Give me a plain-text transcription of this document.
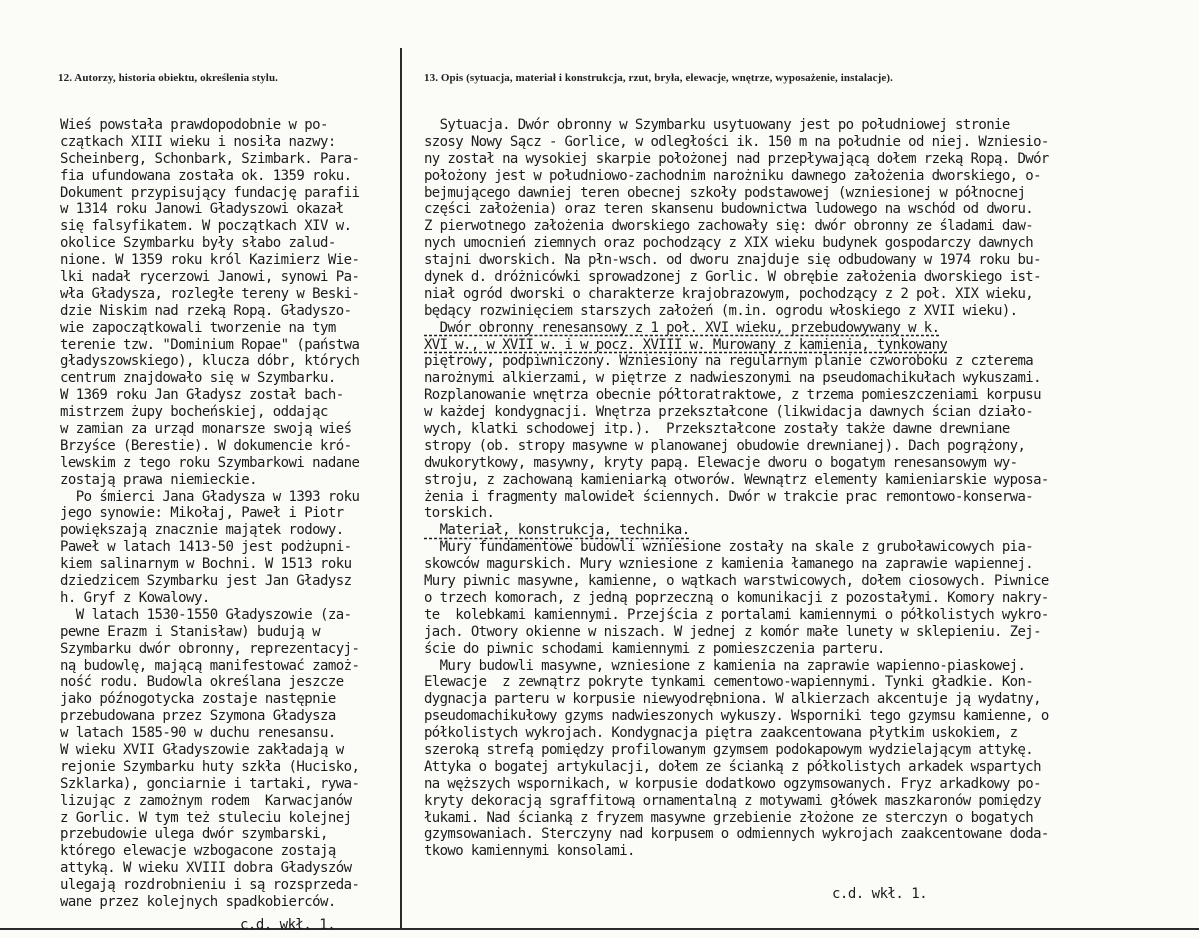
12. Autorzy, historia obiektu, określenia stylu.	13. Opis (sytuacja, materiał i konstrukcja, rzut, bryła, elewacje, wnętrze, wyposażenie, instalacje).
Wieś powstała prawdopodobnie w po-
czątkach XIII wieku i nosiła nazwy:
Scheinberg, Schonbark, Szimbark. Para-
fia ufundowana została ok. 1359 roku.
Dokument przypisujący fundację parafii
w 1314 roku Janowi Gładyszowi okazał
się falsyfikatem. W początkach XIV w.
okolice Szymbarku były słabo zalud-
nione. W 1359 roku król Kazimierz Wie-
lki nadał rycerzowi Janowi, synowi Pa-
wła Gładysza, rozległe tereny w Beski-
dzie Niskim nad rzeką Ropą. Gładyszo-
wie zapoczątkowali tworzenie na tym
terenie tzw. "Dominium Ropae" (państwa
gładyszowskiego), klucza dóbr, których
centrum znajdowało się w Szymbarku.
W 1369 roku Jan Gładysz został bach-
mistrzem żupy bocheńskiej, oddając
w zamian za urząd monarsze swoją wieś
Brzyśce (Berestie). W dokumencie kró-
lewskim z tego roku Szymbarkowi nadane
zostają prawa niemieckie.
Po śmierci Jana Gładysza w 1393 roku
jego synowie: Mikołaj, Paweł i Piotr
powiększają znacznie majątek rodowy.
Paweł w latach 1413-50 jest podżupni-
kiem salinarnym w Bochni. W 1513 roku
dziedzicem Szymbarku jest Jan Gładysz
h. Gryf z Kowalowy.
W latach 1530-1550 Gładyszowie (za-
pewne Erazm i Stanisław) budują w
Szymbarku dwór obronny, reprezentacyj-
ną budowlę, mającą manifestować zamoż-
ność rodu. Budowla określana jeszcze
jako późnogotycka zostaje następnie
przebudowana przez Szymona Gładysza
w latach 1585-90 w duchu renesansu.
W wieku XVII Gładyszowie zakładają w
rejonie Szymbarku huty szkła (Hucisko,
Szklarka), gonciarnie i tartaki, rywa-
lizując z zamożnym rodem  Karwacjanów
z Gorlic. W tym też stuleciu kolejnej
przebudowie ulega dwór szymbarski,
którego elewacje wzbogacone zostają
attyką. W wieku XVIII dobra Gładyszów
ulegają rozdrobnieniu i są rozsprzeda-
wane przez kolejnych spadkobierców.
Sytuacja. Dwór obronny w Szymbarku usytuowany jest po południowej stronie
szosy Nowy Sącz - Gorlice, w odległości ik. 150 m na południe od niej. Wzniesio-
ny został na wysokiej skarpie położonej nad przepływającą dołem rzeką Ropą. Dwór
położony jest w południowo-zachodnim narożniku dawnego założenia dworskiego, o-
bejmującego dawniej teren obecnej szkoły podstawowej (wzniesionej w północnej
części założenia) oraz teren skansenu budownictwa ludowego na wschód od dworu.
Z pierwotnego założenia dworskiego zachowały się: dwór obronny ze śladami daw-
nych umocnień ziemnych oraz pochodzący z XIX wieku budynek gospodarczy dawnych
stajni dworskich. Na płn-wsch. od dworu znajduje się odbudowany w 1974 roku bu-
dynek d. dróżnicówki sprowadzonej z Gorlic. W obrębie założenia dworskiego ist-
niał ogród dworski o charakterze krajobrazowym, pochodzący z 2 poł. XIX wieku,
będący rozwinięciem starszych założeń (m.in. ogrodu włoskiego z XVII wieku).
Dwór obronny renesansowy z 1 poł. XVI wieku, przebudowywany w k.
XVI w., w XVII w. i w pocz. XVIII w. Murowany z kamienia, tynkowany
piętrowy, podpiwniczony. Wzniesiony na regularnym planie czworoboku z czterema
narożnymi alkierzami, w piętrze z nadwieszonymi na pseudomachikułach wykuszami.
Rozplanowanie wnętrza obecnie półtoratraktowe, z trzema pomieszczeniami korpusu
w każdej kondygnacji. Wnętrza przekształcone (likwidacja dawnych ścian działo-
wych, klatki schodowej itp.).  Przekształcone zostały także dawne drewniane
stropy (ob. stropy masywne w planowanej obudowie drewnianej). Dach pogrążony,
dwukorytkowy, masywny, kryty papą. Elewacje dworu o bogatym renesansowym wy-
stroju, z zachowaną kamieniarką otworów. Wewnątrz elementy kamieniarskie wyposa-
żenia i fragmenty malowideł ściennych. Dwór w trakcie prac remontowo-konserwa-
torskich.
Materiał, konstrukcja, technika.
Mury fundamentowe budowli wzniesione zostały na skale z gruboławicowych pia-
skowców magurskich. Mury wzniesione z kamienia łamanego na zaprawie wapiennej.
Mury piwnic masywne, kamienne, o wątkach warstwicowych, dołem ciosowych. Piwnice
o trzech komorach, z jedną poprzeczną o komunikacji z pozostałymi. Komory nakry-
te  kolebkami kamiennymi. Przejścia z portalami kamiennymi o półkolistych wykro-
jach. Otwory okienne w niszach. W jednej z komór małe lunety w sklepieniu. Zej-
ście do piwnic schodami kamiennymi z pomieszczenia parteru.
Mury budowli masywne, wzniesione z kamienia na zaprawie wapienno-piaskowej.
Elewacje  z zewnątrz pokryte tynkami cementowo-wapiennymi. Tynki gładkie. Kon-
dygnacja parteru w korpusie niewyodrębniona. W alkierzach akcentuje ją wydatny,
pseudomachikułowy gzyms nadwieszonych wykuszy. Wsporniki tego gzymsu kamienne, o
półkolistych wykrojach. Kondygnacja piętra zaakcentowana płytkim uskokiem, z
szeroką strefą pomiędzy profilowanym gzymsem podokapowym wydzielającym attykę.
Attyka o bogatej artykulacji, dołem ze ścianką z półkolistych arkadek wspartych
na węższych wspornikach, w korpusie dodatkowo ogzymsowanych. Fryz arkadkowy po-
kryty dekoracją sgraffitową ornamentalną z motywami główek maszkaronów pomiędzy
łukami. Nad ścianką z fryzem masywne grzebienie złożone ze sterczyn o bogatych
gzymsowaniach. Sterczyny nad korpusem o odmiennych wykrojach zaakcentowane doda-
tkowo kamiennymi konsolami.
c.d. wkł. 1.
c.d. wkł. 1.
